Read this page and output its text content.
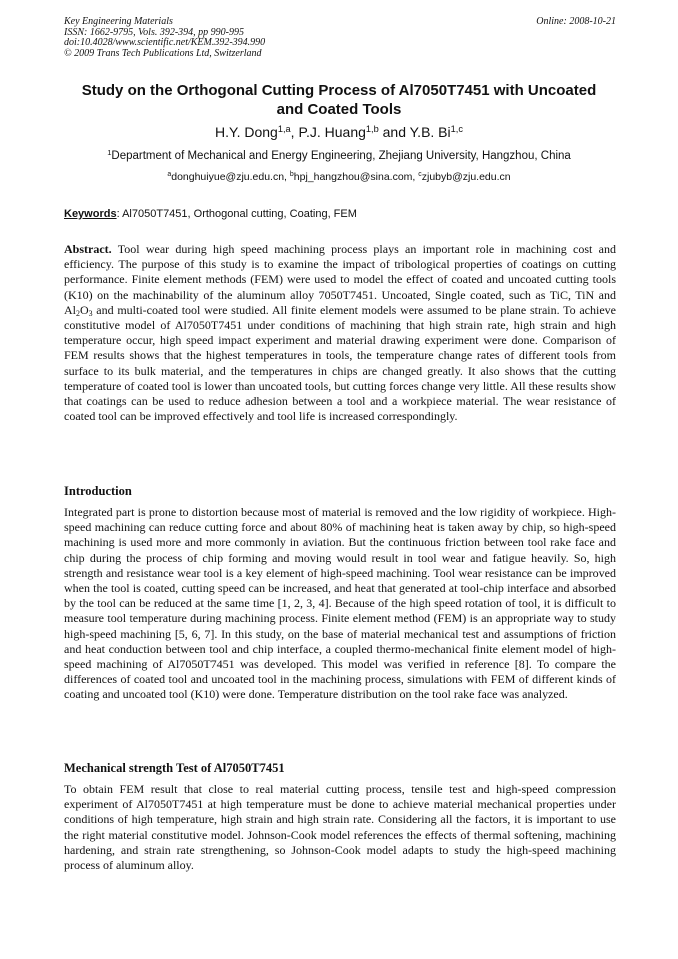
Key Engineering Materials
ISSN: 1662-9795, Vols. 392-394, pp 990-995
doi:10.4028/www.scientific.net/KEM.392-394.990
© 2009 Trans Tech Publications Ltd, Switzerland
Online: 2008-10-21
Study on the Orthogonal Cutting Process of Al7050T7451 with Uncoated
and Coated Tools
H.Y. Dong$^{1,a}$, P.J. Huang$^{1,b}$ and Y.B. Bi$^{1,c}$
$^1$Department of Mechanical and Energy Engineering, Zhejiang University, Hangzhou, China
$^a$donghuiyue@zju.edu.cn, $^b$hpj_hangzhou@sina.com, $^c$zjubyb@zju.edu.cn
Keywords: Al7050T7451, Orthogonal cutting, Coating, FEM
Abstract. Tool wear during high speed machining process plays an important role in machining cost and efficiency. The purpose of this study is to examine the impact of tribological properties of coatings on cutting performance. Finite element methods (FEM) were used to model the effect of coated and uncoated cutting tools (K10) on the machinability of the aluminum alloy 7050T7451. Uncoated, Single coated, such as TiC, TiN and $Al_2O_3$ and multi-coated tool were studied. All finite element models were assumed to be plane strain. To achieve constitutive model of Al7050T7451 under conditions of machining that high strain rate, high strain and high temperature occur, high speed impact experiment and material drawing experiment were done. Comparison of FEM results shows that the highest temperatures in tools, the temperature change rates of different tools from surface to its bulk material, and the temperatures in chips are changed greatly. It also shows that the cutting temperature of coated tool is lower than uncoated tools, but cutting forces change very little. All these results show that coatings can be used to reduce adhesion between a tool and a workpiece material. The wear resistance of coated tool can be improved effectively and tool life is increased correspondingly.
Introduction
Integrated part is prone to distortion because most of material is removed and the low rigidity of workpiece. High-speed machining can reduce cutting force and about 80% of machining heat is taken away by chip, so high-speed machining is used more and more commonly in aviation. But the continuous friction between tool rake face and chip during the process of chip forming and moving would result in tool wear and fatigue heavily. So, high strength and resistance wear tool is a key element of high-speed machining. Tool wear resistance can be improved when the tool is coated, cutting speed can be increased, and heat that generated at tool-chip interface and absorbed by the tool can be reduced at the same time [1, 2, 3, 4]. Because of the high speed rotation of tool, it is difficult to measure tool temperature during machining process. Finite element method (FEM) is an appropriate way to study high-speed machining [5, 6, 7]. In this study, on the base of material mechanical test and assumptions of friction and heat conduction between tool and chip interface, a coupled thermo-mechanical finite element model of high-speed machining of Al7050T7451 was developed. This model was verified in reference [8]. To compare the differences of coated tool and uncoated tool in the machining process, simulations with FEM of different kinds of coating and uncoated tool (K10) were done. Temperature distribution on the tool rake face was analyzed.
Mechanical strength Test of Al7050T7451
To obtain FEM result that close to real material cutting process, tensile test and high-speed compression experiment of Al7050T7451 at high temperature must be done to achieve material mechanical properties under conditions of high temperature, high strain and high strain rate. Considering all the factors, it is important to use the right material constitutive model. Johnson-Cook model references the effects of thermal softening, machining hardening, and strain rate strengthening, so Johnson-Cook model adapts to study the high-speed machining process of aluminum alloy.
